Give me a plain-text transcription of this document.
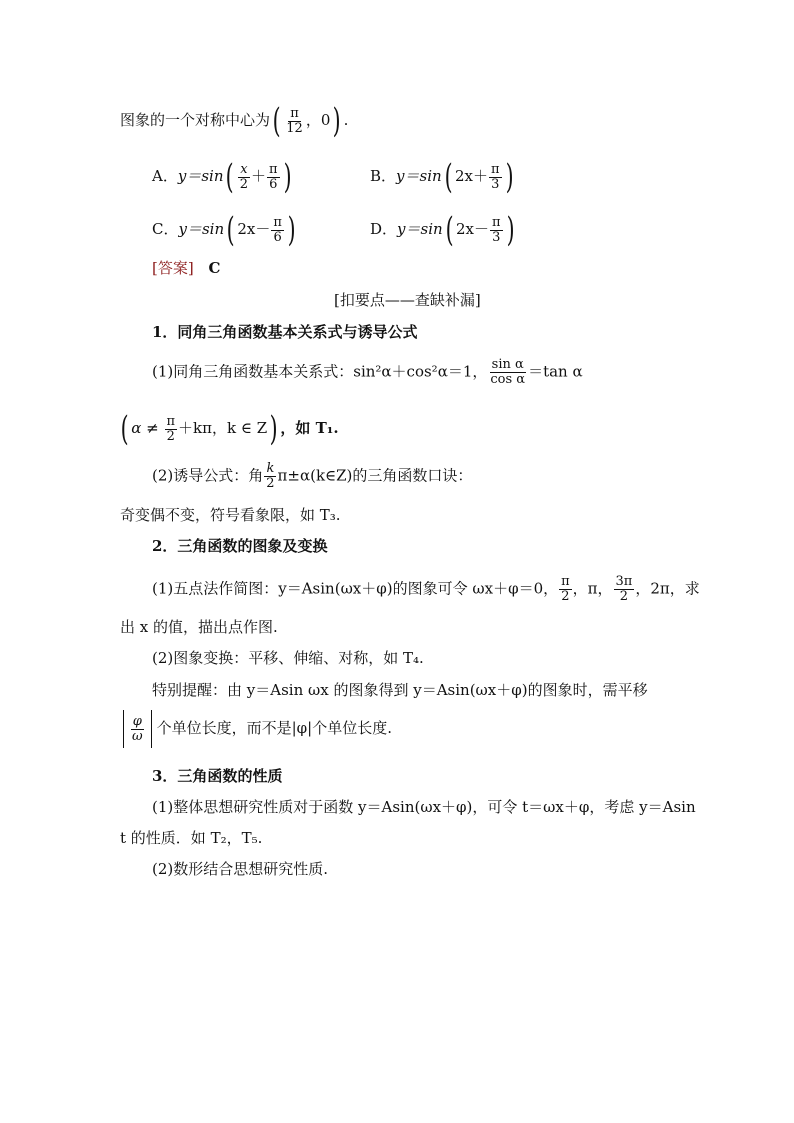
图象的一个对称中心为( $\frac{\pi}{12}$ ，0) .
A．$y=\sin( \frac{x}{2} + \frac{\pi}{6}$ )	B．y＝sin( $2x+ \frac{\pi}{3}$ )
C．y＝sin( $2x- \frac{\pi}{6}$ )	D．y＝sin( $2x- \frac{\pi}{3}$ )
[答案] C
[扣要点——查缺补漏]
1．同角三角函数基本关系式与诱导公式
(1)同角三角函数基本关系式：sin²α＋cos²α＝1， $\frac{\text{sin α}}{\text{cos α}} =\tan$ α
( $\alpha \ne \frac{\pi}{2} +k\pi$，k ∈ Z) ，如 T₁.
(2)诱导公式：角 $\frac{k}{2}$ π±α(k∈Z)的三角函数口诀：
奇变偶不变，符号看象限，如 T₃.
2．三角函数的图象及变换
(1)五点法作简图：y＝Asin(ωx＋φ)的图象可令 ωx＋φ＝0， $\frac{\pi}{2}$ ，π， $\frac{3\pi}{2}$ ，2π，求
出 x 的值，描出点作图.
(2)图象变换：平移、伸缩、对称，如 T₄.
特别提醒：由 y＝Asin ωx 的图象得到 y＝Asin(ωx＋φ)的图象时，需平移
$\frac{\varphi}{\omega}$ 个单位长度，而不是|φ|个单位长度.
3．三角函数的性质
(1)整体思想研究性质对于函数 y＝Asin(ωx＋φ)，可令 t＝ωx＋φ，考虑 y＝Asin
t 的性质．如 T₂，T₅.
(2)数形结合思想研究性质.
